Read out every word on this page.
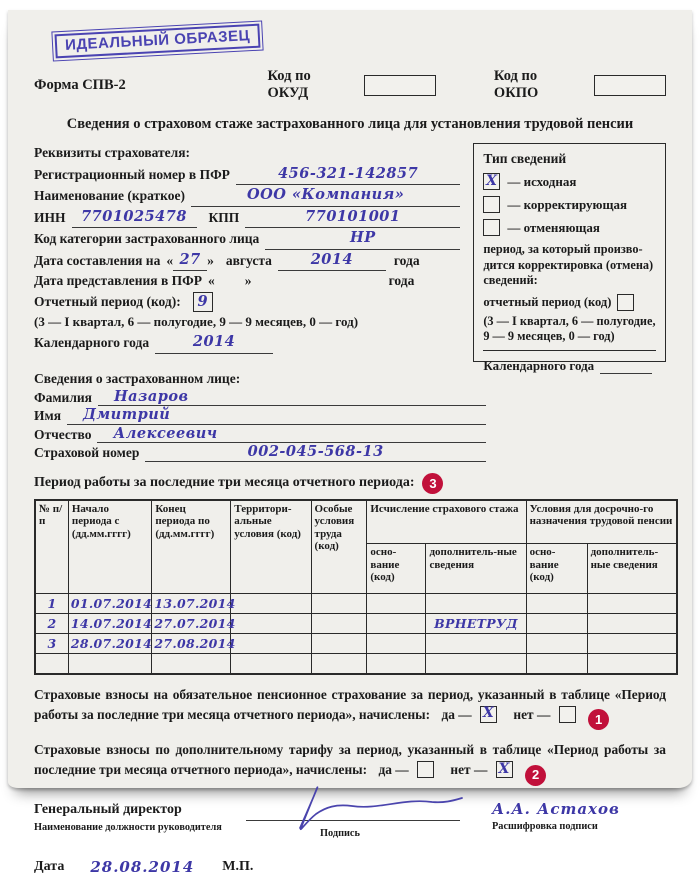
ИДЕАЛЬНЫЙ ОБРАЗЕЦ
Форма СПВ-2
Код по ОКУД
Код по ОКПО
Сведения о страховом стаже застрахованного лица для установления трудовой пенсии
Реквизиты страхователя:
Регистрационный номер в ПФР	456-321-142857
Наименование (краткое)	ООО «Компания»
ИНН	7701025478	КПП	770101001
Код категории застрахованного лица	НР
Дата составления на « 27 » августа	2014	года
Дата представления в ПФР « »	года
Отчетный период (код): 9
(3 — I квартал, 6 — полугодие, 9 — 9 месяцев, 0 — год)
Календарного года	2014
Тип сведений
Х — исходная
— корректирующая
— отменяющая
период, за который произво-дится корректировка (отмена) сведений:
отчетный период (код)
(3 — I квартал, 6 — полугодие, 9 — 9 месяцев, 0 — год)
Календарного года
Сведения о застрахованном лице:
Фамилия	Назаров
Имя	Дмитрий
Отчество	Алексеевич
Страховой номер	002-045-568-13
Период работы за последние три месяца отчетного периода:	3
№ п/п	Начало периода с (дд.мм.гггг)	Конец периода по (дд.мм.гггг)	Территори-альные условия (код)	Особые условия труда (код)	Исчисление страхового стажа		Условия для досрочно-го назначения трудовой пенсии	
					осно-вание (код)	дополнитель-ные сведения	осно-вание (код)	дополнитель-ные сведения
1	01.07.2014	13.07.2014						
2	14.07.2014	27.07.2014				ВРНЕТРУД		
3	28.07.2014	27.08.2014						

Страховые взносы на обязательное пенсионное страхование за период, указанный в таблице «Период работы за последние три месяца отчетного периода», начислены: да — Х нет —	1

Страховые взносы по дополнительному тарифу за период, указанный в таблице «Период работы за последние три месяца отчетного периода», начислены: да —	нет — Х 2

Генеральный директор
Наименование должности руководителя
Подпись
А.А. Астахов
Расшифровка подписи
Дата 28.08.2014 М.П.
